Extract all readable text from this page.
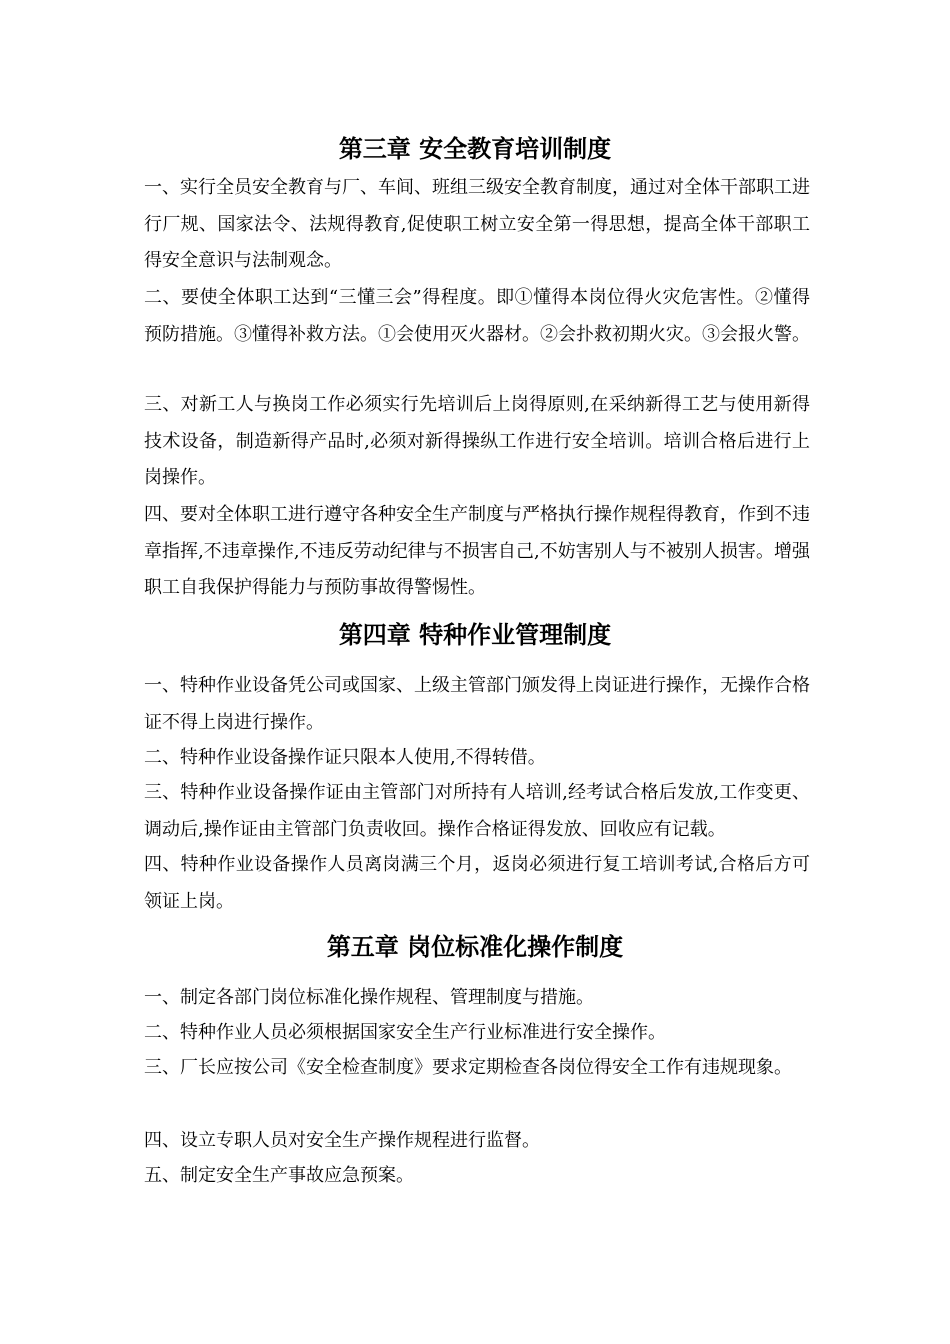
第三章 安全教育培训制度

一、实行全员安全教育与厂、车间、班组三级安全教育制度，通过对全体干部职工进行厂规、国家法令、法规得教育,促使职工树立安全第一得思想，提高全体干部职工得安全意识与法制观念。

二、要使全体职工达到“三懂三会”得程度。即①懂得本岗位得火灾危害性。②懂得预防措施。③懂得补救方法。①会使用灭火器材。②会扑救初期火灾。③会报火警。

三、对新工人与换岗工作必须实行先培训后上岗得原则,在采纳新得工艺与使用新得技术设备，制造新得产品时,必须对新得操纵工作进行安全培训。培训合格后进行上岗操作。

四、要对全体职工进行遵守各种安全生产制度与严格执行操作规程得教育，作到不违章指挥,不违章操作,不违反劳动纪律与不损害自己,不妨害别人与不被别人损害。增强职工自我保护得能力与预防事故得警惕性。

第四章 特种作业管理制度

一、特种作业设备凭公司或国家、上级主管部门颁发得上岗证进行操作，无操作合格证不得上岗进行操作。

二、特种作业设备操作证只限本人使用,不得转借。

三、特种作业设备操作证由主管部门对所持有人培训,经考试合格后发放,工作变更、调动后,操作证由主管部门负责收回。操作合格证得发放、回收应有记载。

四、特种作业设备操作人员离岗满三个月，返岗必须进行复工培训考试,合格后方可领证上岗。

第五章 岗位标准化操作制度

一、制定各部门岗位标准化操作规程、管理制度与措施。

二、特种作业人员必须根据国家安全生产行业标准进行安全操作。

三、厂长应按公司《安全检查制度》要求定期检查各岗位得安全工作有违规现象。

四、设立专职人员对安全生产操作规程进行监督。

五、制定安全生产事故应急预案。
